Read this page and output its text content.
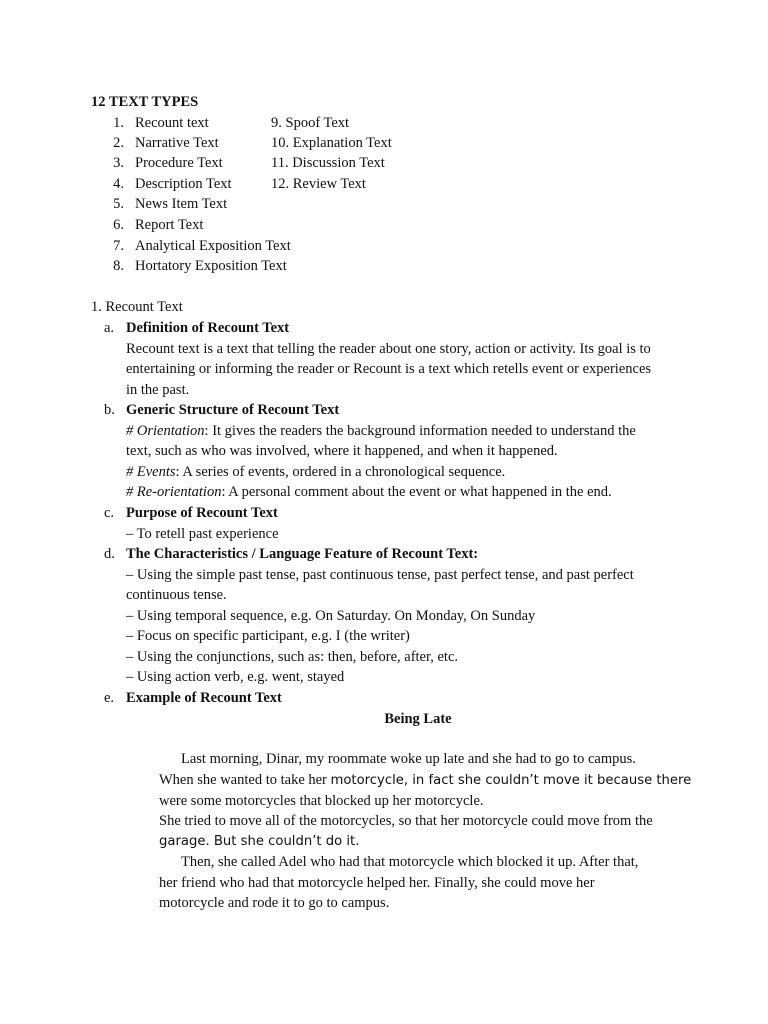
12 TEXT TYPES
1. Recount text
2. Narrative Text
3. Procedure Text
4. Description Text
5. News Item Text
6. Report Text
7. Analytical Exposition Text
8. Hortatory Exposition Text
9. Spoof Text
10. Explanation Text
11. Discussion Text
12. Review Text
1. Recount Text
a. Definition of Recount Text
Recount text is a text that telling the reader about one story, action or activity. Its goal is to
entertaining or informing the reader or Recount is a text which retells event or experiences
in the past.
b. Generic Structure of Recount Text
# Orientation: It gives the readers the background information needed to understand the
text, such as who was involved, where it happened, and when it happened.
# Events: A series of events, ordered in a chronological sequence.
# Re-orientation: A personal comment about the event or what happened in the end.
c. Purpose of Recount Text
– To retell past experience
d. The Characteristics / Language Feature of Recount Text:
– Using the simple past tense, past continuous tense, past perfect tense, and past perfect
continuous tense.
– Using temporal sequence, e.g. On Saturday. On Monday, On Sunday
– Focus on specific participant, e.g. I (the writer)
– Using the conjunctions, such as: then, before, after, etc.
– Using action verb, e.g. went, stayed
e. Example of Recount Text
Being Late
Last morning, Dinar, my roommate woke up late and she had to go to campus.
When she wanted to take her motorcycle, in fact she couldn’t move it because there
were some motorcycles that blocked up her motorcycle.
She tried to move all of the motorcycles, so that her motorcycle could move from the
garage. But she couldn’t do it.
Then, she called Adel who had that motorcycle which blocked it up. After that,
her friend who had that motorcycle helped her. Finally, she could move her
motorcycle and rode it to go to campus.
